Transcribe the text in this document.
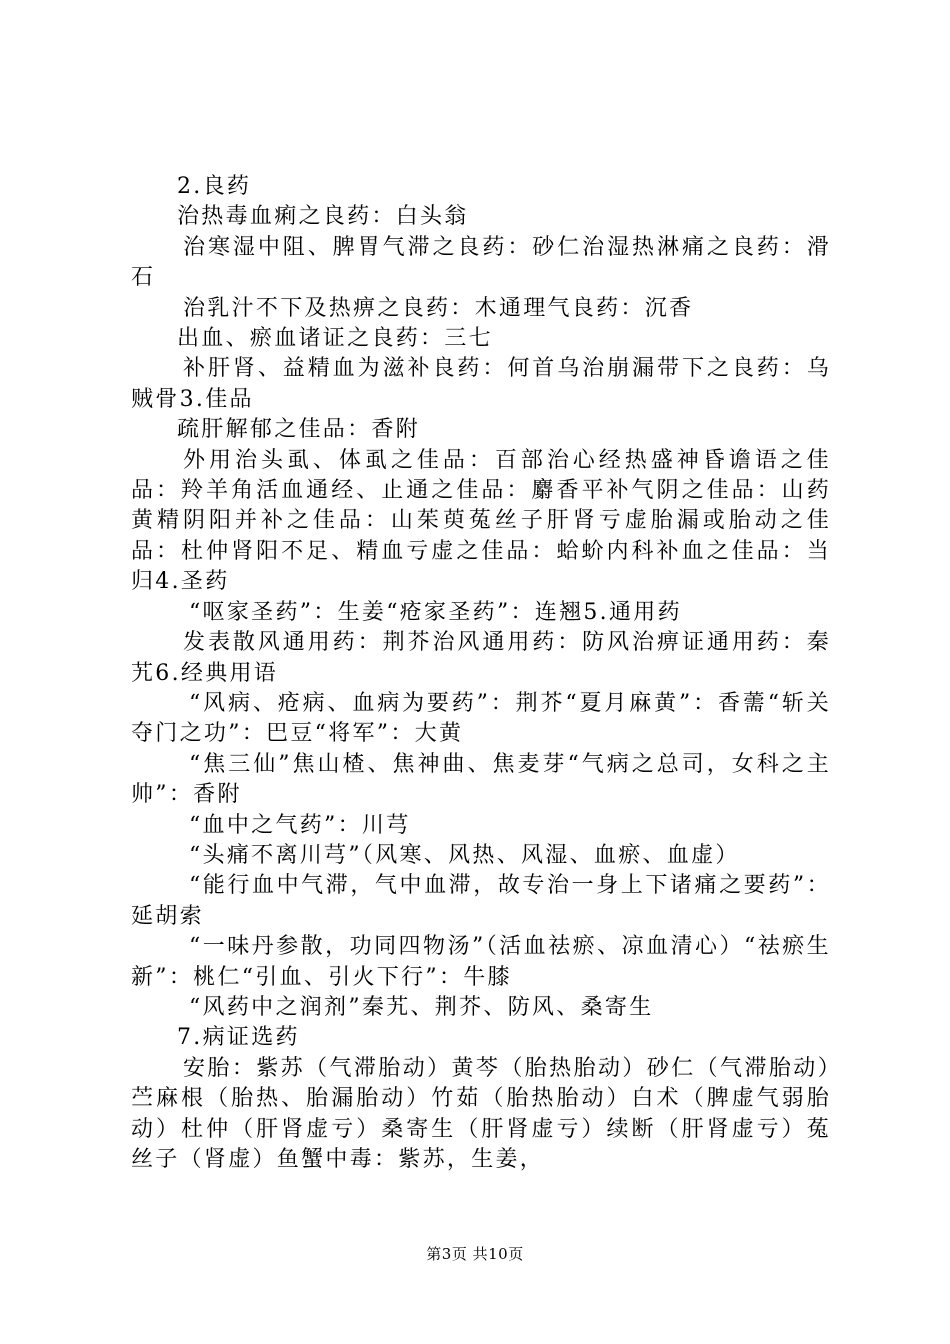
2.良药

治热毒血痢之良药：白头翁

治寒湿中阻、脾胃气滞之良药：砂仁治湿热淋痛之良药：滑石

治乳汁不下及热痹之良药：木通理气良药：沉香

出血、瘀血诸证之良药：三七

补肝肾、益精血为滋补良药：何首乌治崩漏带下之良药：乌贼骨3.佳品

疏肝解郁之佳品：香附

外用治头虱、体虱之佳品：百部治心经热盛神昏谵语之佳品：羚羊角活血通经、止通之佳品：麝香平补气阴之佳品：山药黄精阴阳并补之佳品：山茱萸菟丝子肝肾亏虚胎漏或胎动之佳品：杜仲肾阳不足、精血亏虚之佳品：蛤蚧内科补血之佳品：当归4.圣药

“呕家圣药”：生姜“疮家圣药”：连翘5.通用药

发表散风通用药：荆芥治风通用药：防风治痹证通用药：秦艽6.经典用语

“风病、疮病、血病为要药”：荆芥“夏月麻黄”：香薷“斩关夺门之功”：巴豆“将军”：大黄

“焦三仙”焦山楂、焦神曲、焦麦芽“气病之总司，女科之主帅”：香附

“血中之气药”：川芎

“头痛不离川芎”（风寒、风热、风湿、血瘀、血虚）

“能行血中气滞，气中血滞，故专治一身上下诸痛之要药”：延胡索

“一味丹参散，功同四物汤”（活血祛瘀、凉血清心）“祛瘀生新”：桃仁“引血、引火下行”：牛膝

“风药中之润剂”秦艽、荆芥、防风、桑寄生

7.病证选药

安胎：紫苏（气滞胎动）黄芩（胎热胎动）砂仁（气滞胎动）苎麻根（胎热、胎漏胎动）竹茹（胎热胎动）白术（脾虚气弱胎动）杜仲（肝肾虚亏）桑寄生（肝肾虚亏）续断（肝肾虚亏）菟丝子（肾虚）鱼蟹中毒：紫苏，生姜，

第3页 共10页
